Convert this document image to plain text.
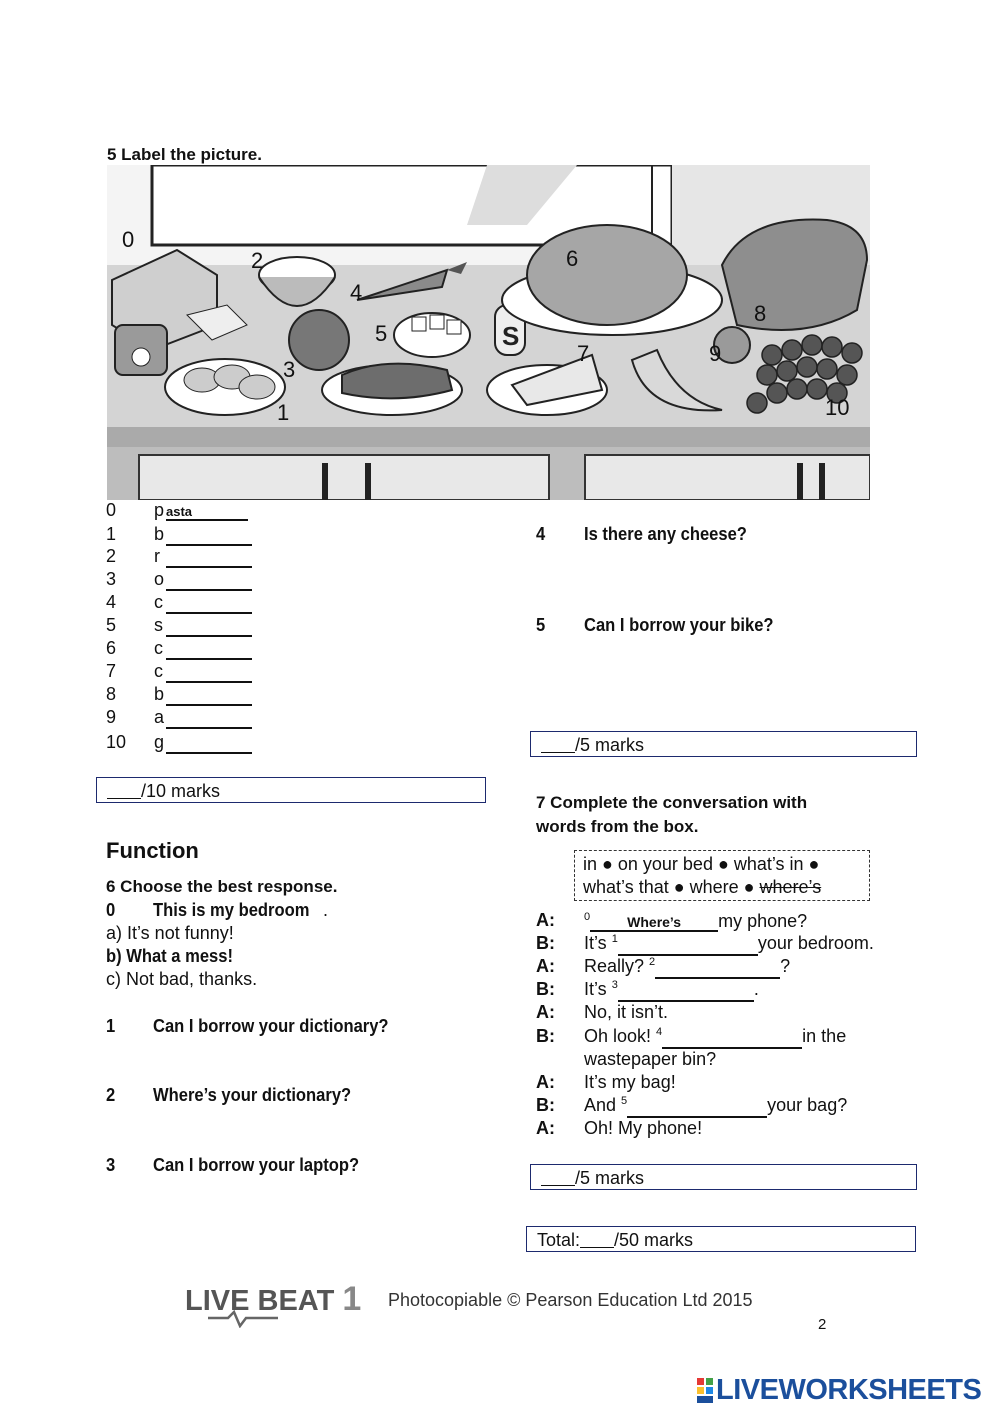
5 Label the picture.
S
0
2
4
6
5
8
3
7	9
1	10
0	p asta
1	b
2	r
3	o
4	c
5	s
6	c
7	c
8	b
9	a
10	g
/10 marks
Function
6 Choose the best response.
0 This is my bedroom .
a) It’s not funny!
b) What a mess!
c) Not bad, thanks.
1 Can I borrow your dictionary?
2 Where’s your dictionary?
3 Can I borrow your laptop?
4 Is there any cheese?
5 Can I borrow your bike?
/5 marks
7 Complete the conversation with
words from the box.
in ● on your bed ● what’s in ●
what’s that ● where ● where’s
A:	$^0$	Where’s my phone?
B: It’s $^1$	your bedroom.
A: Really? $^2$	?
B: It’s $^3$	.
A: No, it isn’t.
B: Oh look! $^4$	in the
wastepaper bin?
A: It’s my bag!
B: And $^5$	your bag?
A: Oh! My phone!
/5 marks
Total: /50 marks
LIVE BEAT 1 Photocopiable © Pearson Education Ltd 2015
2
LIVEWORKSHEETS
